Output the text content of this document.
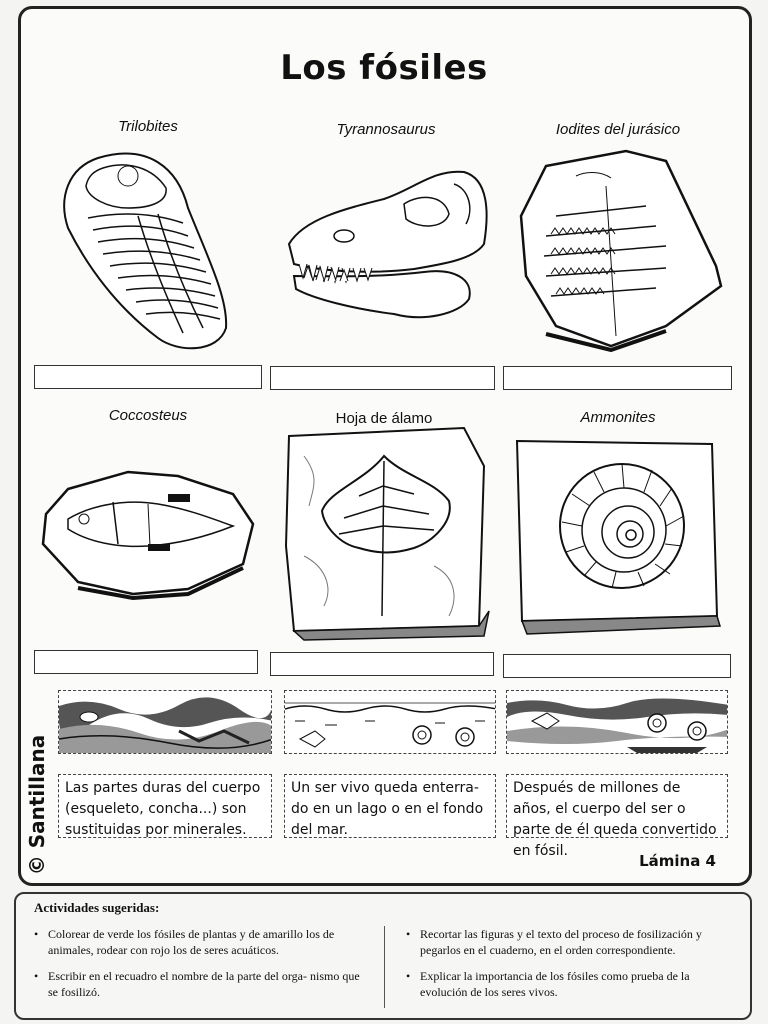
Los fósiles
Trilobites	Tyrannosaurus	Iodites del jurásico
Coccosteus	Hoja de álamo	Ammonites
Las partes duras del cuerpo (esqueleto, concha...) son sustituidas por minerales.
Un ser vivo queda enterra- do en un lago o en el fondo del mar.
Después de millones de años, el cuerpo del ser o parte de él queda convertido en fósil.
© Santillana	Lámina 4
Actividades sugeridas:
• Colorear de verde los fósiles de plantas y de amarillo los de animales, rodear con rojo los de seres acuáticos.
• Escribir en el recuadro el nombre de la parte del orga- nismo que se fosilizó.
• Recortar las figuras y el texto del proceso de fosilización y pegarlos en el cuaderno, en el orden correspondiente.
• Explicar la importancia de los fósiles como prueba de la evolución de los seres vivos.
